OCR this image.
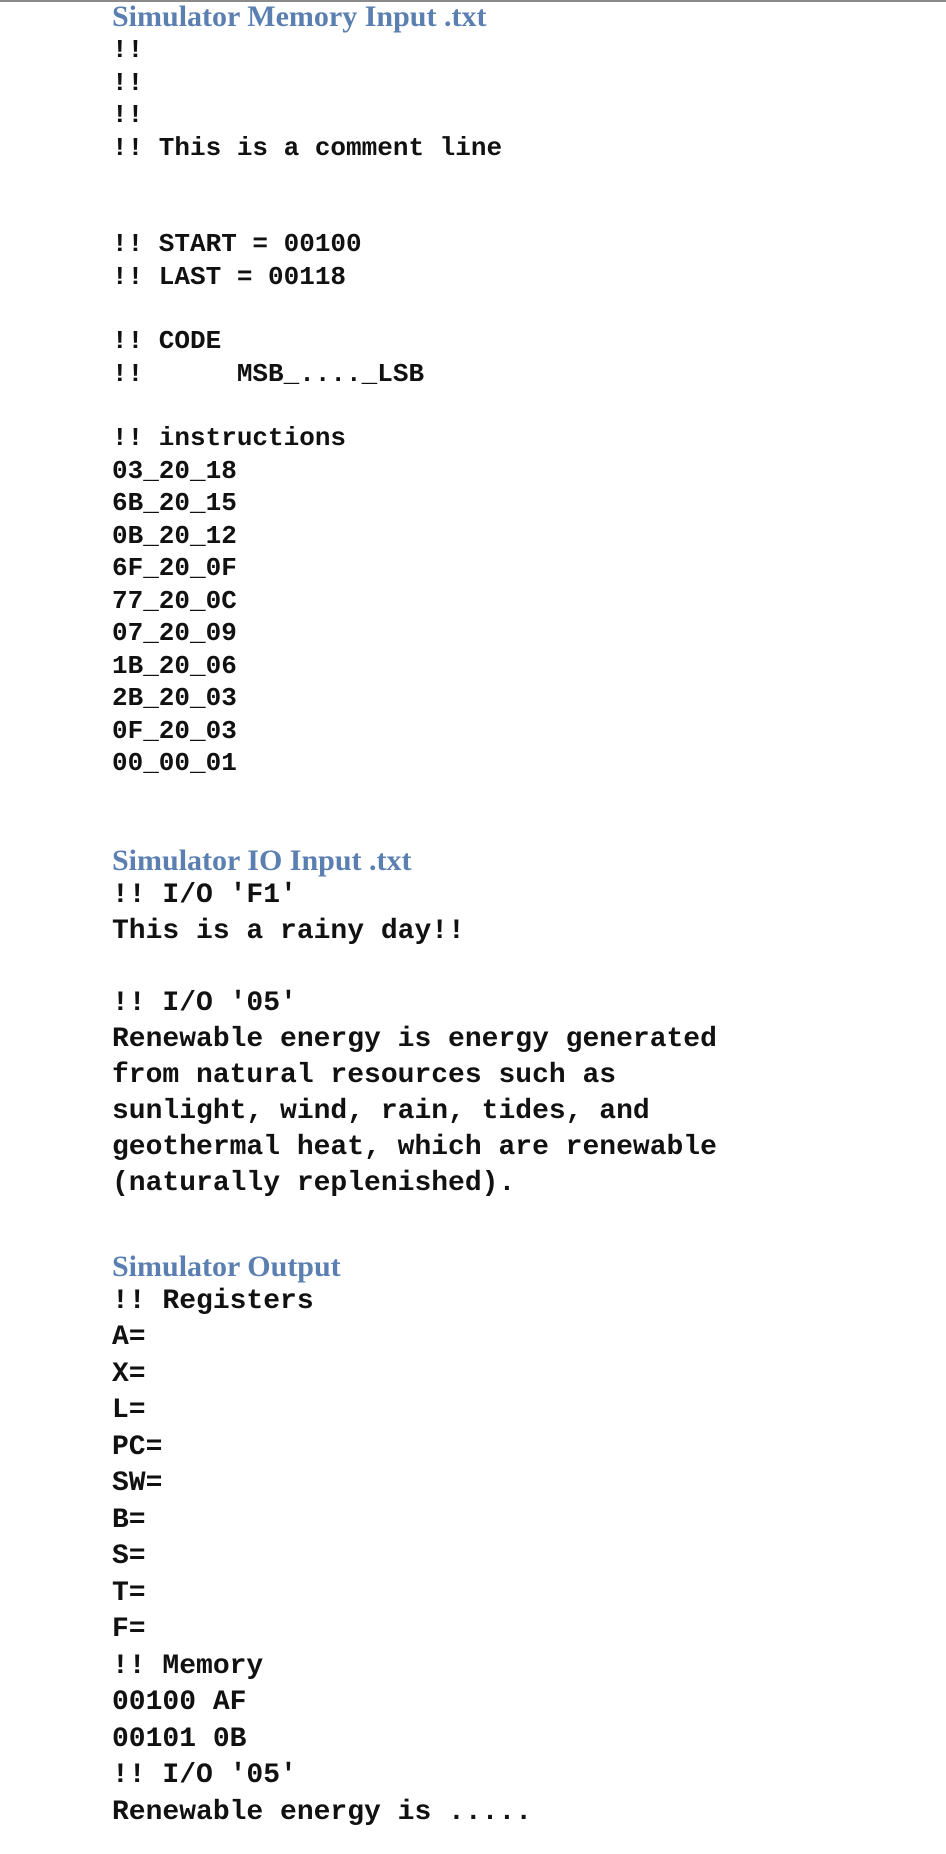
Simulator Memory Input .txt
!!
!!
!!
!! This is a comment line
!! START = 00100
!! LAST = 00118
!! CODE
!!      MSB_...._LSB
!! instructions
03_20_18
6B_20_15
0B_20_12
6F_20_0F
77_20_0C
07_20_09
1B_20_06
2B_20_03
0F_20_03
00_00_01
Simulator IO Input .txt
!! I/O 'F1'
This is a rainy day!!
!! I/O '05'
Renewable energy is energy generated
from natural resources such as
sunlight, wind, rain, tides, and
geothermal heat, which are renewable
(naturally replenished).
Simulator Output
!! Registers
A=
X=
L=
PC=
SW=
B=
S=
T=
F=
!! Memory
00100 AF
00101 0B
!! I/O '05'
Renewable energy is .....
